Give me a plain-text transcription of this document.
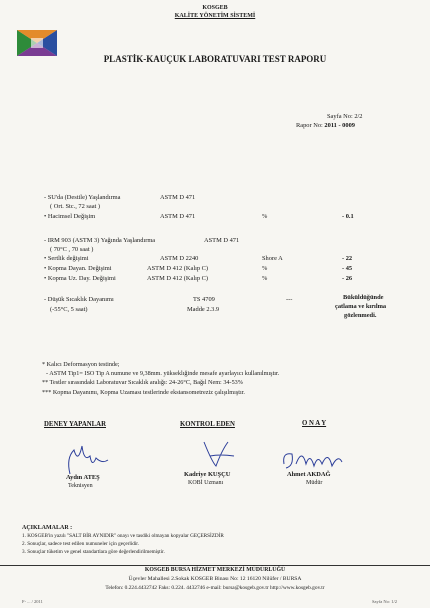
KOSGEB
KALİTE YÖNETİM SİSTEMİ
PLASTİK-KAUÇUK LABORATUVARI TEST RAPORU
Sayfa No: 2/2
Rapor No: 2011 - 0009
- SU'da (Destile) Yaşlandırma	ASTM D 471
( Ort. Stc., 72 saat )
• Hacimsel Değişim	ASTM D 471	%	- 0.1
- IRM 903 (ASTM 3) Yağında Yaşlandırma	ASTM D 471
( 70°C , 70 saat )
• Sertlik değişimi	ASTM D 2240	Shore A	- 22
• Kopma Dayan. Değişimi	ASTM D 412 (Kalıp C)	%	- 45
• Kopma Uz. Day. Değişimi	ASTM D 412 (Kalıp C)	%	- 26
- Düşük Sıcaklık Dayanımı	TS 4709	---	Büküldüğünde
(-55°C, 5 saat)	Madde 2.3.9	çatlama ve kırılma
gözlenmedi.
* Kalıcı Deformasyon testinde;
- ASTM Tip1= ISO Tip A numune ve 9,38mm. yükseklığinde mesafe ayarlayıcı kullanılmıştır.
** Testler sırasındaki Laboratuvar Sıcaklık aralığı: 24-26°C, Bağıl Nem: 34-53%
*** Kopma Dayanımı, Kopma Uzaması testlerinde ekstansometreziz çalışılmıştır.
DENEY YAPANLAR	KONTROL EDEN	O N A Y
Aydın ATEŞ
Teknisyen
Kadriye KUŞÇU
KOBİ Uzmanı
Ahmet AKDAĞ
Müdür
AÇIKLAMALAR :
1. KOSGEB'in yazılı "SALT BİR AYNIDIR" onayı ve tasdiki olmayan kopyalar GEÇERSİZDİR
2. Sonuçlar, sadece test edilen numuneler için geçerlidir.
3. Sonuçlar tüketim ve genel standartlara göre değerlendirilmemiştir.
KOSGEB BURSA HİZMET MERKEZİ MÜDÜRLÜĞÜ
Üçevler Mahallesi 2.Sokak KOSGEB Binası No: 12 16120 Nilüfer / BURSA
Telefon: 0.224.4432742 Faks: 0.224. 4432746 e-mail: bursa@kosgeb.gov.tr http://www.kosgeb.gov.tr
F- ... / 2011	Sayfa No: 1/2
